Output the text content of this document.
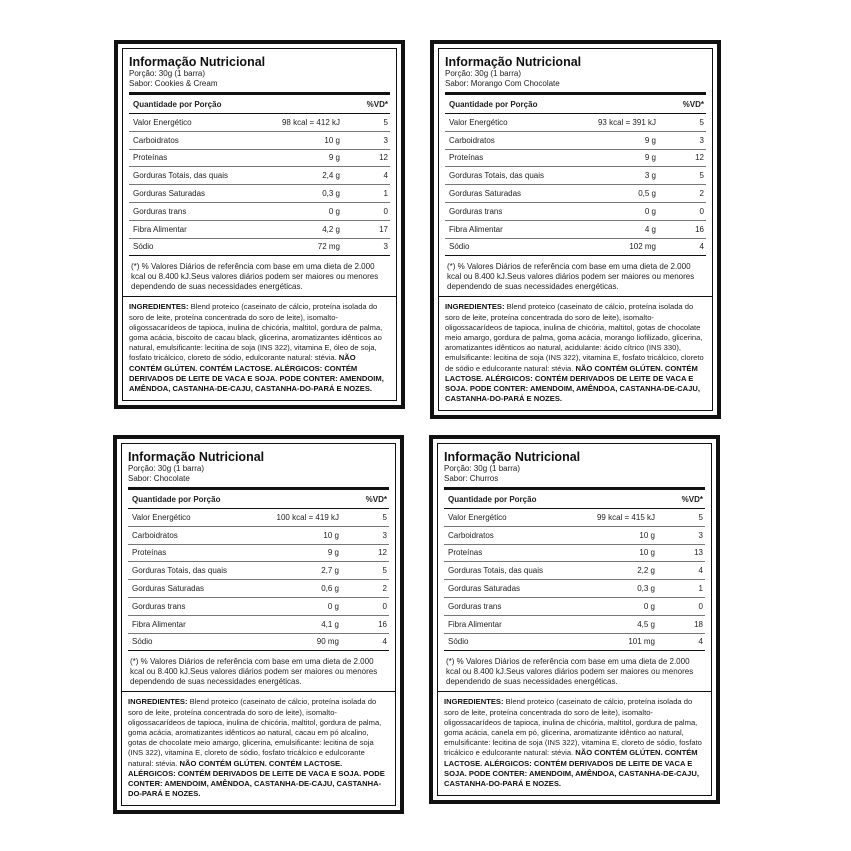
Informação Nutricional
Porção: 30g (1 barra)
Sabor: Cookies & Cream
Quantidade por Porção	%VD*
Valor Energético	98 kcal = 412 kJ	5
Carboidratos	10 g	3
Proteínas	9 g	12
Gorduras Totais, das quais	2,4 g	4
Gorduras Saturadas	0,3 g	1
Gorduras trans	0 g	0
Fibra Alimentar	4,2 g	17
Sódio	72 mg	3
(*) % Valores Diários de referência com base em uma dieta de 2.000 kcal ou 8.400 kJ.Seus valores diários podem ser maiores ou menores dependendo de suas necessidades energéticas.
INGREDIENTES: Blend proteico (caseinato de cálcio, proteína isolada do soro de leite, proteína concentrada do soro de leite), isomalto-oligossacarídeos de tapioca, inulina de chicória, maltitol, gordura de palma, goma acácia, biscoito de cacau black, glicerina, aromatizantes idênticos ao natural, emulsificante: lecitina de soja (INS 322), vitamina E, óleo de soja, fosfato tricálcico, cloreto de sódio, edulcorante natural: stévia. NÃO CONTÉM GLÚTEN. CONTÉM LACTOSE. ALÉRGICOS: CONTÉM DERIVADOS DE LEITE DE VACA E SOJA. PODE CONTER: AMENDOIM, AMÊNDOA, CASTANHA-DE-CAJU, CASTANHA-DO-PARÁ E NOZES.
Informação Nutricional
Porção: 30g (1 barra)
Sabor: Morango Com Chocolate
Quantidade por Porção	%VD*
Valor Energético	93 kcal = 391 kJ	5
Carboidratos	9 g	3
Proteínas	9 g	12
Gorduras Totais, das quais	3 g	5
Gorduras Saturadas	0,5 g	2
Gorduras trans	0 g	0
Fibra Alimentar	4 g	16
Sódio	102 mg	4
(*) % Valores Diários de referência com base em uma dieta de 2.000 kcal ou 8.400 kJ.Seus valores diários podem ser maiores ou menores dependendo de suas necessidades energéticas.
INGREDIENTES: Blend proteico (caseinato de cálcio, proteína isolada do soro de leite, proteína concentrada do soro de leite), isomalto-oligossacarídeos de tapioca, inulina de chicória, maltitol, gotas de chocolate meio amargo, gordura de palma, goma acácia, morango liofilizado, glicerina, aromatizantes idênticos ao natural, acidulante: ácido cítrico (INS 330), emulsificante: lecitina de soja (INS 322), vitamina E, fosfato tricálcico, cloreto de sódio e edulcorante natural: stévia. NÃO CONTÉM GLÚTEN. CONTÉM LACTOSE. ALÉRGICOS: CONTÉM DERIVADOS DE LEITE DE VACA E SOJA. PODE CONTER: AMENDOIM, AMÊNDOA, CASTANHA-DE-CAJU, CASTANHA-DO-PARÁ E NOZES.
Informação Nutricional
Porção: 30g (1 barra)
Sabor: Chocolate
Quantidade por Porção	%VD*
Valor Energético	100 kcal = 419 kJ	5
Carboidratos	10 g	3
Proteínas	9 g	12
Gorduras Totais, das quais	2,7 g	5
Gorduras Saturadas	0,6 g	2
Gorduras trans	0 g	0
Fibra Alimentar	4,1 g	16
Sódio	90 mg	4
(*) % Valores Diários de referência com base em uma dieta de 2.000 kcal ou 8.400 kJ.Seus valores diários podem ser maiores ou menores dependendo de suas necessidades energéticas.
INGREDIENTES: Blend proteico (caseinato de cálcio, proteína isolada do soro de leite, proteína concentrada do soro de leite), isomalto-oligossacarídeos de tapioca, inulina de chicória, maltitol, gordura de palma, goma acácia, aromatizantes idênticos ao natural, cacau em pó alcalino, gotas de chocolate meio amargo, glicerina, emulsificante: lecitina de soja (INS 322), vitamina E, cloreto de sódio, fosfato tricálcico e edulcorante natural: stévia. NÃO CONTÉM GLÚTEN. CONTÉM LACTOSE. ALÉRGICOS: CONTÉM DERIVADOS DE LEITE DE VACA E SOJA. PODE CONTER: AMENDOIM, AMÊNDOA, CASTANHA-DE-CAJU, CASTANHA-DO-PARÁ E NOZES.
Informação Nutricional
Porção: 30g (1 barra)
Sabor: Churros
Quantidade por Porção	%VD*
Valor Energético	99 kcal = 415 kJ	5
Carboidratos	10 g	3
Proteínas	10 g	13
Gorduras Totais, das quais	2,2 g	4
Gorduras Saturadas	0,3 g	1
Gorduras trans	0 g	0
Fibra Alimentar	4,5 g	18
Sódio	101 mg	4
(*) % Valores Diários de referência com base em uma dieta de 2.000 kcal ou 8.400 kJ.Seus valores diários podem ser maiores ou menores dependendo de suas necessidades energéticas.
INGREDIENTES: Blend proteico (caseinato de cálcio, proteína isolada do soro de leite, proteína concentrada do soro de leite), isomalto-oligossacarídeos de tapioca, inulina de chicória, maltitol, gordura de palma, goma acácia, canela em pó, glicerina, aromatizante idêntico ao natural, emulsificante: lecitina de soja (INS 322), vitamina E, cloreto de sódio, fosfato tricálcico e edulcorante natural: stévia. NÃO CONTÉM GLÚTEN. CONTÉM LACTOSE. ALÉRGICOS: CONTÉM DERIVADOS DE LEITE DE VACA E SOJA. PODE CONTER: AMENDOIM, AMÊNDOA, CASTANHA-DE-CAJU, CASTANHA-DO-PARÁ E NOZES.
